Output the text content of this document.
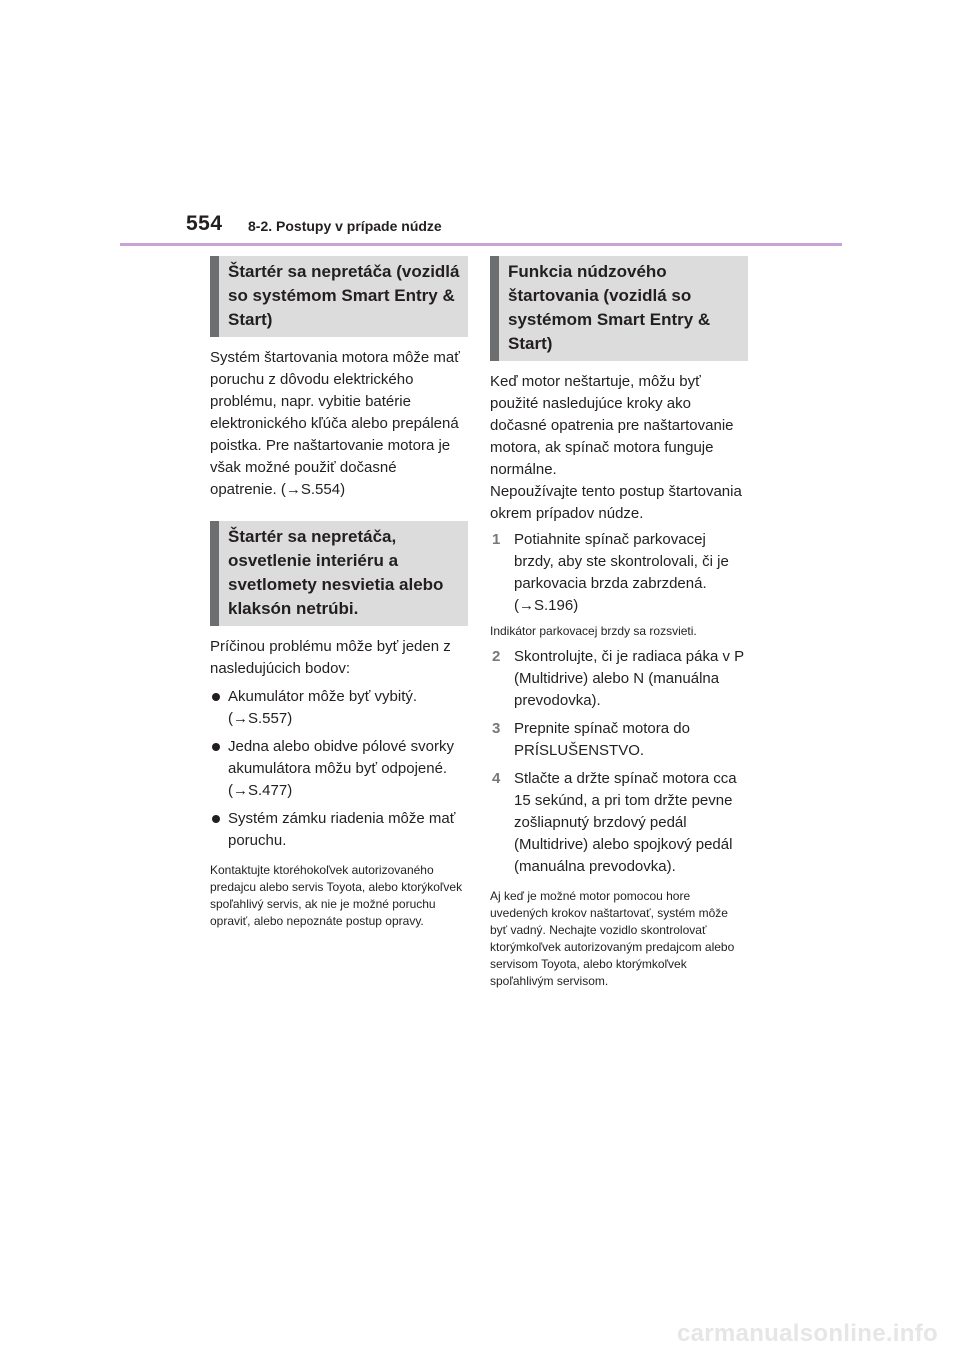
554 8-2. Postupy v prípade núdze
Štartér sa nepretáča (vozidlá so systémom Smart Entry & Start)

Systém štartovania motora môže mať poruchu z dôvodu elektrického problému, napr. vybitie batérie elektronického kľúča alebo prepálená poistka. Pre naštartovanie motora je však možné použiť dočasné opatrenie. (→S.554)

Štartér sa nepretáča, osvetlenie interiéru a svetlomety nesvietia alebo klaksón netrúbi.

Príčinou problému môže byť jeden z nasledujúcich bodov:

Akumulátor môže byť vybitý. (→S.557)
Jedna alebo obidve pólové svorky akumulátora môžu byť odpojené. (→S.477)
Systém zámku riadenia môže mať poruchu.

Kontaktujte ktoréhokoľvek autorizovaného predajcu alebo servis Toyota, alebo ktorýkoľvek spoľahlivý servis, ak nie je možné poruchu opraviť, alebo nepoznáte postup opravy.

Funkcia núdzového štartovania (vozidlá so systémom Smart Entry & Start)

Keď motor neštartuje, môžu byť použité nasledujúce kroky ako dočasné opatrenia pre naštartovanie motora, ak spínač motora funguje normálne.

Nepoužívajte tento postup štartovania okrem prípadov núdze.

1 Potiahnite spínač parkovacej brzdy, aby ste skontrolovali, či je parkovacia brzda zabrzdená. (→S.196)

Indikátor parkovacej brzdy sa rozsvieti.

2 Skontrolujte, či je radiaca páka v P (Multidrive) alebo N (manuálna prevodovka).
3 Prepnite spínač motora do PRÍSLUŠENSTVO.
4 Stlačte a držte spínač motora cca 15 sekúnd, a pri tom držte pevne zošliapnutý brzdový pedál (Multidrive) alebo spojkový pedál (manuálna prevodovka).

Aj keď je možné motor pomocou hore uvedených krokov naštartovať, systém môže byť vadný. Nechajte vozidlo skontrolovať ktorýmkoľvek autorizovaným predajcom alebo servisom Toyota, alebo ktorýmkoľvek spoľahlivým servisom.

carmanualsonline.info
